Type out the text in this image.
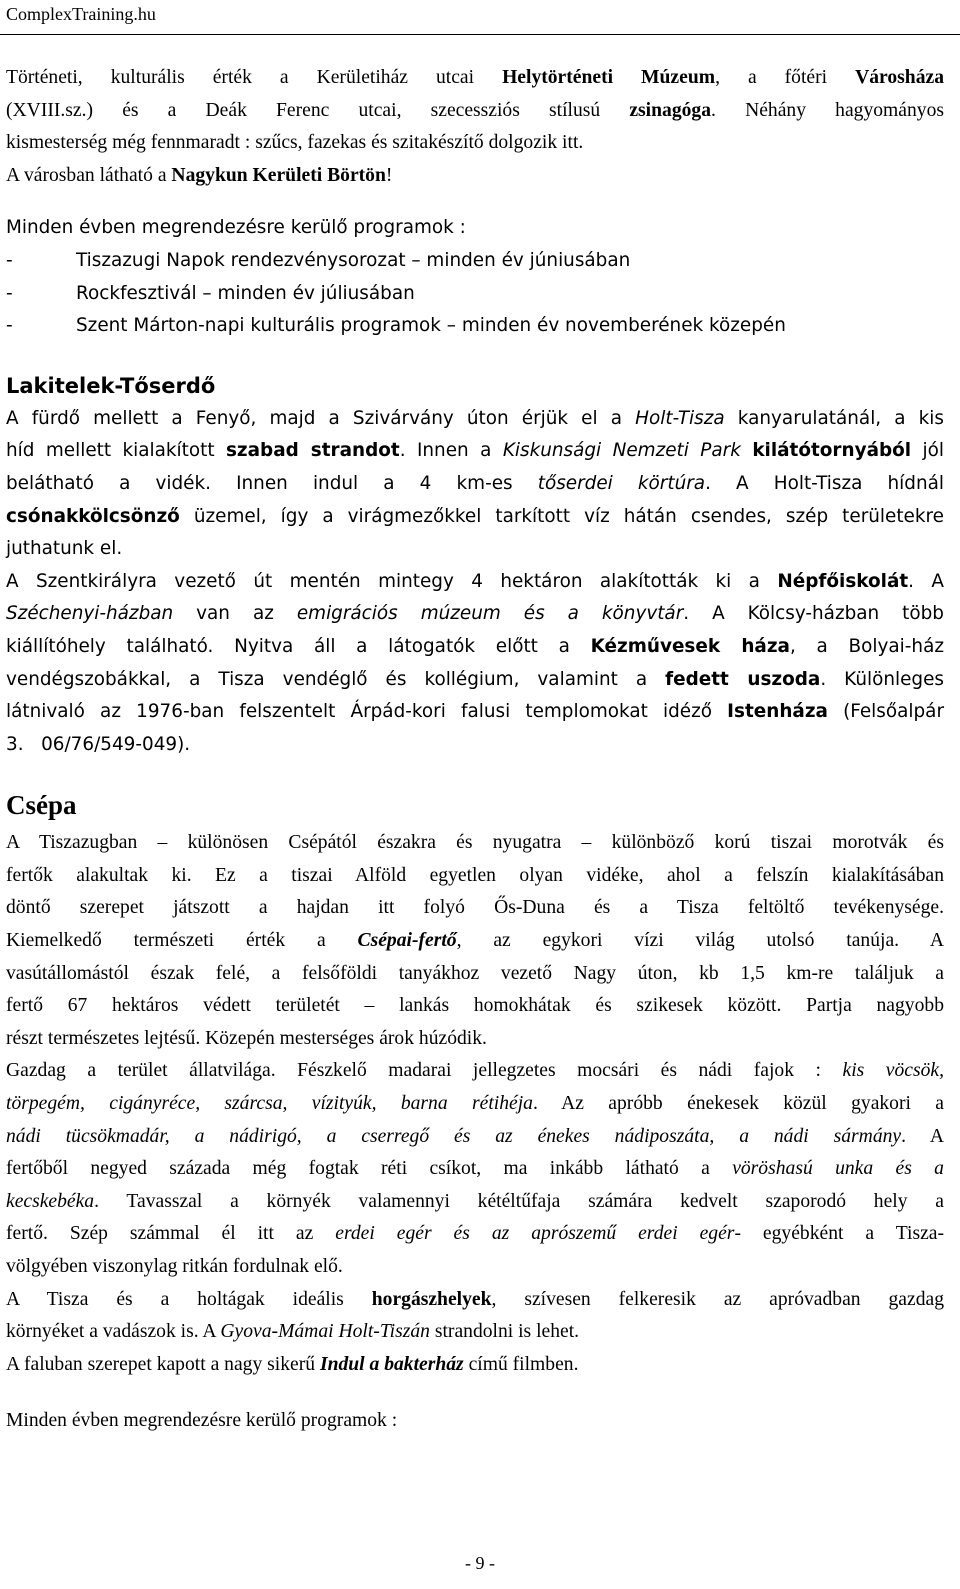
ComplexTraining.hu
Történeti, kulturális érték a Kerületiház utcai Helytörténeti Múzeum, a főtéri Városháza
(XVIII.sz.) és a Deák Ferenc utcai, szecessziós stílusú zsinagóga. Néhány hagyományos
kismesterség még fennmaradt : szűcs, fazekas és szitakészítő dolgozik itt.
A városban látható a Nagykun Kerületi Börtön!
Minden évben megrendezésre kerülő programok :
-	Tiszazugi Napok rendezvénysorozat – minden év júniusában
-	Rockfesztivál – minden év júliusában
-	Szent Márton-napi kulturális programok – minden év novemberének közepén
Lakitelek-Tőserdő
A fürdő mellett a Fenyő, majd a Szivárvány úton érjük el a Holt-Tisza kanyarulatánál, a kis
híd mellett kialakított szabad strandot. Innen a Kiskunsági Nemzeti Park kilátótornyából jól
belátható a vidék. Innen indul a 4 km-es tőserdei körtúra. A Holt-Tisza hídnál
csónakkölcsönző üzemel, így a virágmezőkkel tarkított víz hátán csendes, szép területekre
juthatunk el.
A Szentkirályra vezető út mentén mintegy 4 hektáron alakították ki a Népfőiskolát. A
Széchenyi-házban van az emigrációs múzeum és a könyvtár. A Kölcsy-házban több
kiállítóhely található. Nyitva áll a látogatók előtt a Kézművesek háza, a Bolyai-ház
vendégszobákkal, a Tisza vendéglő és kollégium, valamint a fedett uszoda. Különleges
látnivaló az 1976-ban felszentelt Árpád-kori falusi templomokat idéző Istenháza (Felsőalpár
3.   06/76/549-049).
Csépa
A Tiszazugban – különösen Csépától északra és nyugatra – különböző korú tiszai morotvák és
fertők alakultak ki. Ez a tiszai Alföld egyetlen olyan vidéke, ahol a felszín kialakításában
döntő szerepet játszott a hajdan itt folyó Ős-Duna és a Tisza feltöltő tevékenysége.
Kiemelkedő természeti érték a Csépai-fertő, az egykori vízi világ utolsó tanúja. A
vasútállomástól észak felé, a felsőföldi tanyákhoz vezető Nagy úton, kb 1,5 km-re találjuk a
fertő 67 hektáros védett területét – lankás homokhátak és szikesek között. Partja nagyobb
részt természetes lejtésű. Közepén mesterséges árok húzódik.
Gazdag a terület állatvilága. Fészkelő madarai jellegzetes mocsári és nádi fajok : kis vöcsök,
törpegém, cigányréce, szárcsa, vízityúk, barna rétihéja. Az apróbb énekesek közül gyakori a
nádi tücsökmadár, a nádirigó, a cserregő és az énekes nádiposzáta, a nádi sármány. A
fertőből negyed százada még fogtak réti csíkot, ma inkább látható a vöröshasú unka és a
kecskebéka. Tavasszal a környék valamennyi kétéltűfaja számára kedvelt szaporodó hely a
fertő. Szép számmal él itt az erdei egér és az aprószemű erdei egér- egyébként a Tisza-
völgyében viszonylag ritkán fordulnak elő.
A Tisza és a holtágak ideális horgászhelyek, szívesen felkeresik az apróvadban gazdag
környéket a vadászok is. A Gyova-Mámai Holt-Tiszán strandolni is lehet.
A faluban szerepet kapott a nagy sikerű Indul a bakterház című filmben.
Minden évben megrendezésre kerülő programok :
- 9 -
